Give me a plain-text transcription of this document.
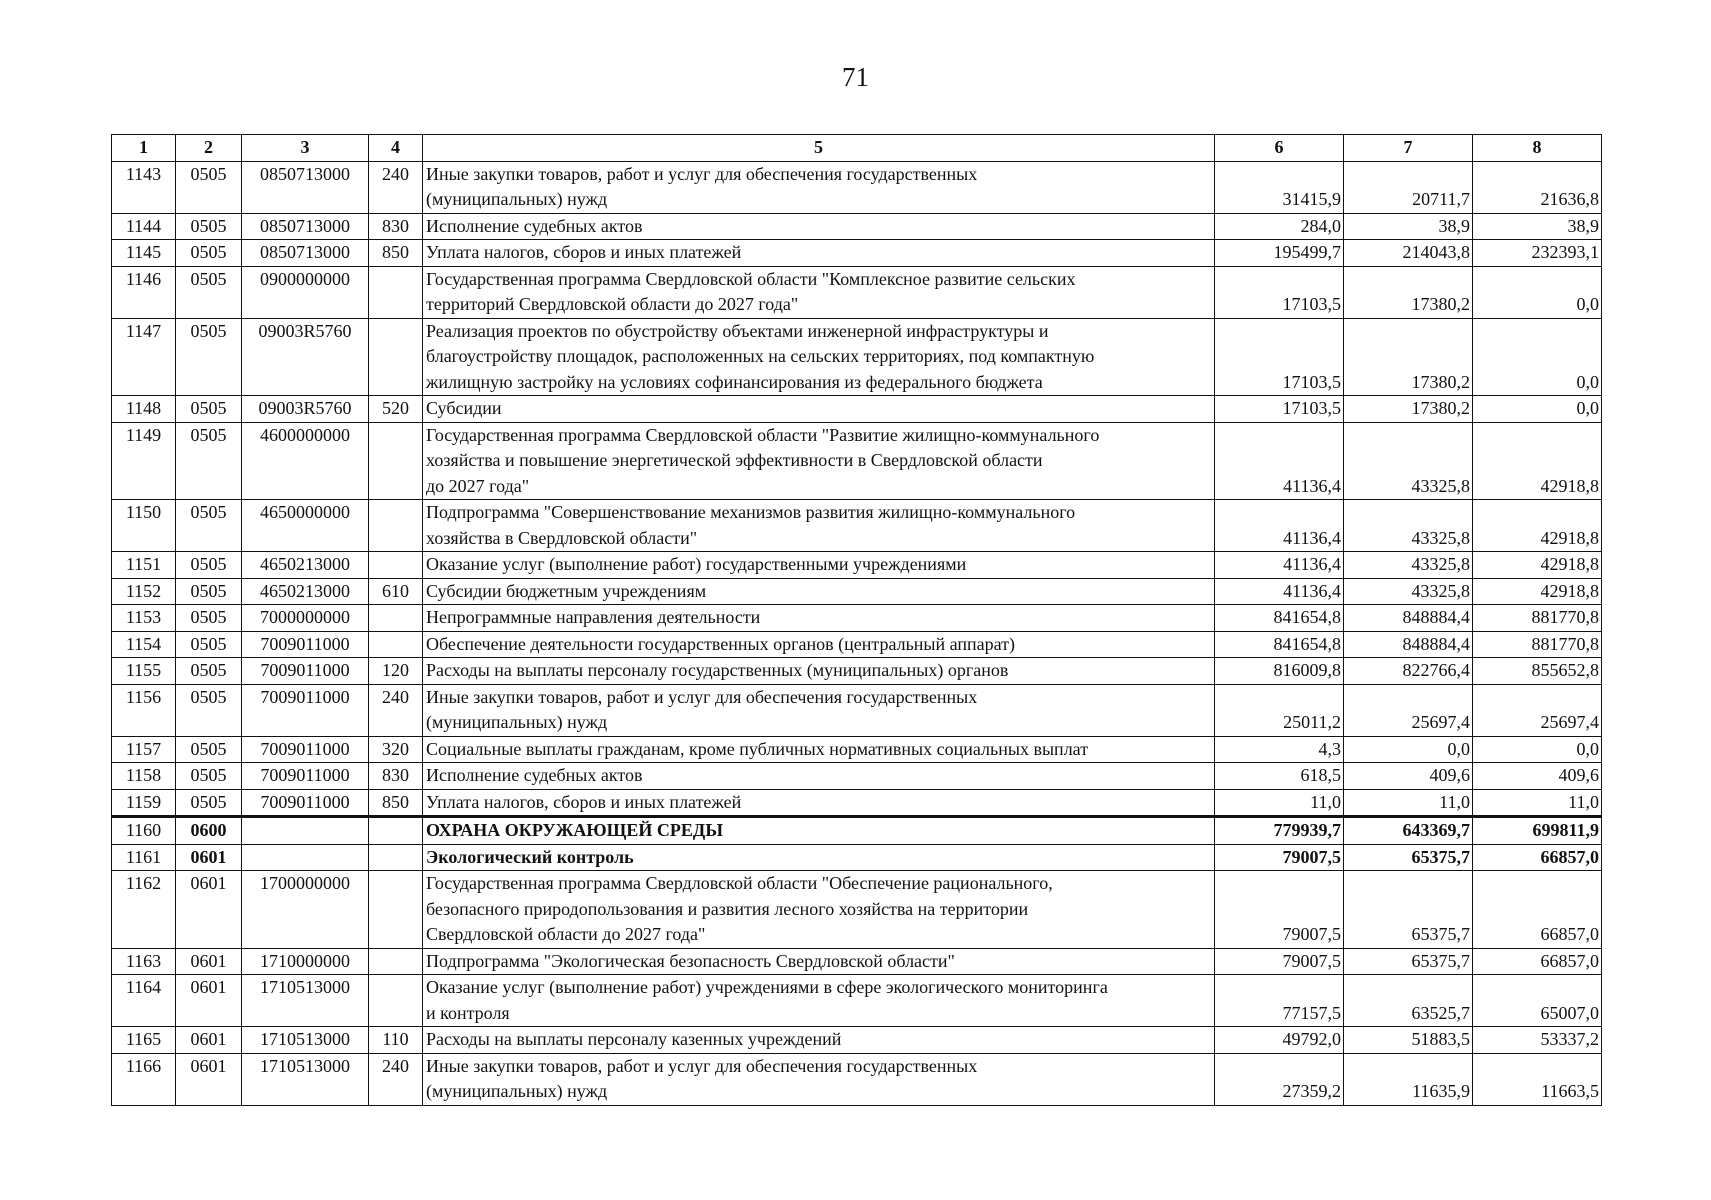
71
1	2	3	4	5	6	7	8
1143	0505	0850713000	240	Иные закупки товаров, работ и услуг для обеспечения государственных
(муниципальных) нужд	31415,9	20711,7	21636,8
1144	0505	0850713000	830	Исполнение судебных актов	284,0	38,9	38,9
1145	0505	0850713000	850	Уплата налогов, сборов и иных платежей	195499,7	214043,8	232393,1
1146	0505	0900000000		Государственная программа Свердловской области "Комплексное развитие сельских
территорий Свердловской области до 2027 года"	17103,5	17380,2	0,0
1147	0505	09003R5760		Реализация проектов по обустройству объектами инженерной инфраструктуры и
благоустройству площадок, расположенных на сельских территориях, под компактную
жилищную застройку на условиях софинансирования из федерального бюджета	17103,5	17380,2	0,0
1148	0505	09003R5760	520	Субсидии	17103,5	17380,2	0,0
1149	0505	4600000000		Государственная программа Свердловской области "Развитие жилищно-коммунального
хозяйства и повышение энергетической эффективности в Свердловской области
до 2027 года"	41136,4	43325,8	42918,8
1150	0505	4650000000		Подпрограмма "Совершенствование механизмов развития жилищно-коммунального
хозяйства в Свердловской области"	41136,4	43325,8	42918,8
1151	0505	4650213000		Оказание услуг (выполнение работ) государственными учреждениями	41136,4	43325,8	42918,8
1152	0505	4650213000	610	Субсидии бюджетным учреждениям	41136,4	43325,8	42918,8
1153	0505	7000000000		Непрограммные направления деятельности	841654,8	848884,4	881770,8
1154	0505	7009011000		Обеспечение деятельности государственных органов (центральный аппарат)	841654,8	848884,4	881770,8
1155	0505	7009011000	120	Расходы на выплаты персоналу государственных (муниципальных) органов	816009,8	822766,4	855652,8
1156	0505	7009011000	240	Иные закупки товаров, работ и услуг для обеспечения государственных
(муниципальных) нужд	25011,2	25697,4	25697,4
1157	0505	7009011000	320	Социальные выплаты гражданам, кроме публичных нормативных социальных выплат	4,3	0,0	0,0
1158	0505	7009011000	830	Исполнение судебных актов	618,5	409,6	409,6
1159	0505	7009011000	850	Уплата налогов, сборов и иных платежей	11,0	11,0	11,0
1160	0600			ОХРАНА ОКРУЖАЮЩЕЙ СРЕДЫ	779939,7	643369,7	699811,9
1161	0601			Экологический контроль	79007,5	65375,7	66857,0
1162	0601	1700000000		Государственная программа Свердловской области "Обеспечение рационального,
безопасного природопользования и развития лесного хозяйства на территории
Свердловской области до 2027 года"	79007,5	65375,7	66857,0
1163	0601	1710000000		Подпрограмма "Экологическая безопасность Свердловской области"	79007,5	65375,7	66857,0
1164	0601	1710513000		Оказание услуг (выполнение работ) учреждениями в сфере экологического мониторинга
и контроля	77157,5	63525,7	65007,0
1165	0601	1710513000	110	Расходы на выплаты персоналу казенных учреждений	49792,0	51883,5	53337,2
1166	0601	1710513000	240	Иные закупки товаров, работ и услуг для обеспечения государственных
(муниципальных) нужд	27359,2	11635,9	11663,5
